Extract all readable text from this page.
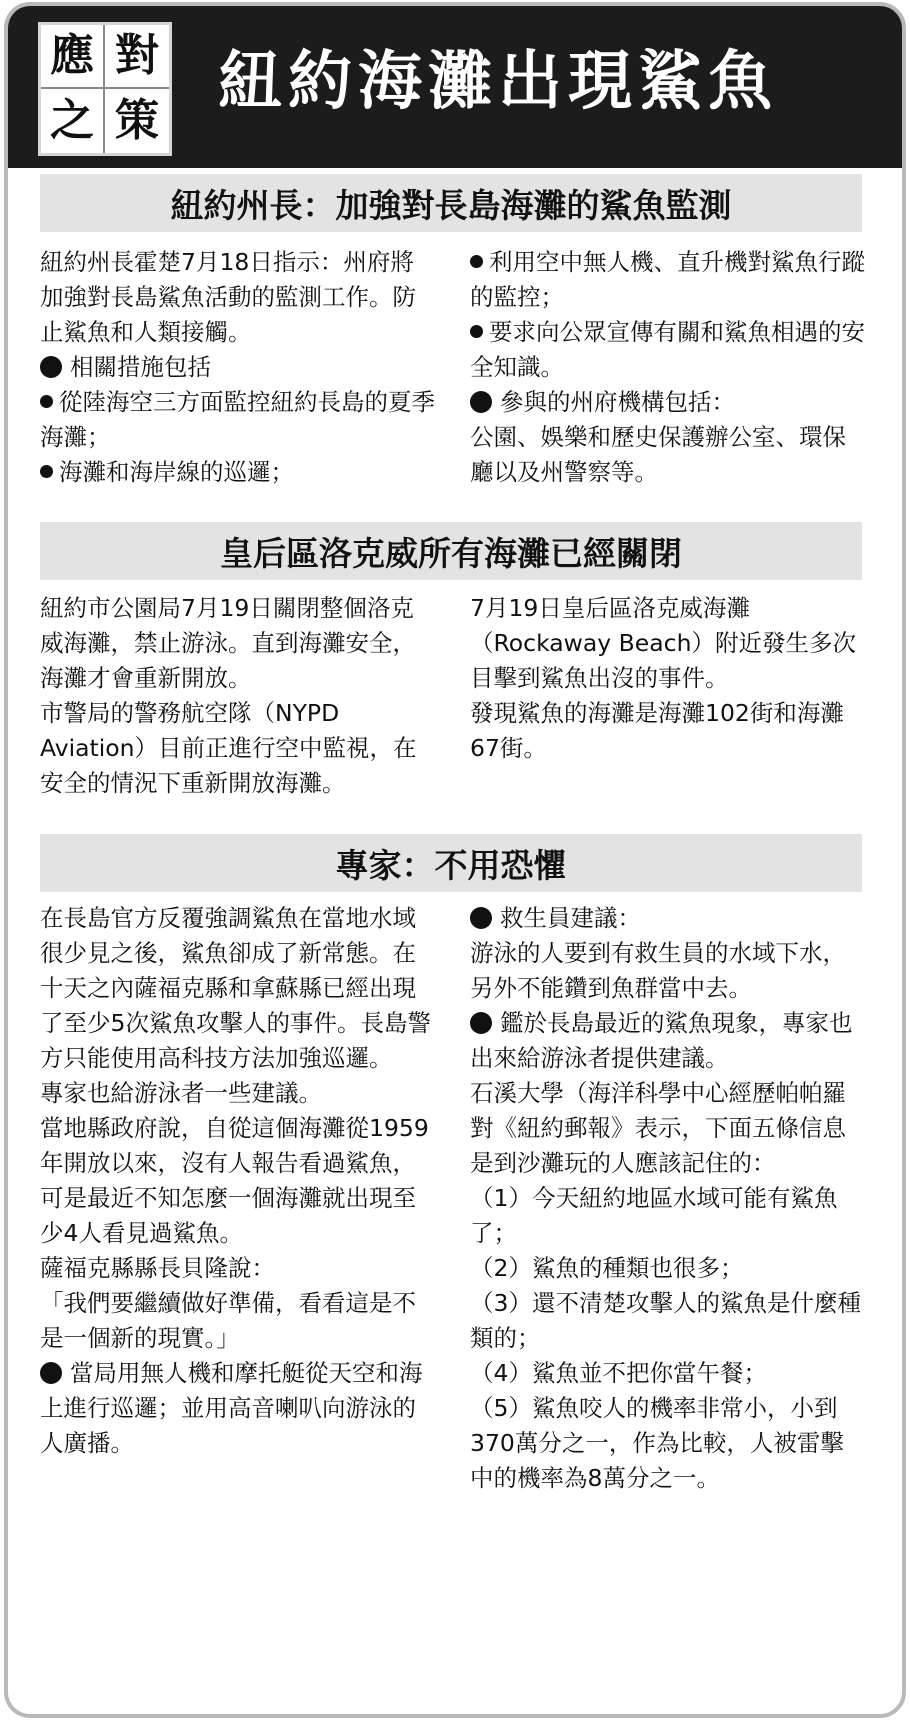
應 對
之 策
紐約海灘出現鯊魚
紐約州長：加強對長島海灘的鯊魚監測

紐約州長霍楚7月18日指示：州府將加強對長島鯊魚活動的監測工作。防止鯊魚和人類接觸。

相關措施包括

從陸海空三方面監控紐約長島的夏季海灘；

海灘和海岸線的巡邏；

利用空中無人機、直升機對鯊魚行蹤的監控；

要求向公眾宣傳有關和鯊魚相遇的安全知識。

參與的州府機構包括：

公園、娛樂和歷史保護辦公室、環保廳以及州警察等。

皇后區洛克威所有海灘已經關閉

紐約市公園局7月19日關閉整個洛克威海灘，禁止游泳。直到海灘安全，海灘才會重新開放。

市警局的警務航空隊（NYPD Aviation）目前正進行空中監視，在安全的情況下重新開放海灘。

7月19日皇后區洛克威海灘（Rockaway Beach）附近發生多次目擊到鯊魚出沒的事件。

發現鯊魚的海灘是海灘102街和海灘67街。

專家：不用恐懼

在長島官方反覆強調鯊魚在當地水域很少見之後，鯊魚卻成了新常態。在十天之內薩福克縣和拿蘇縣已經出現了至少5次鯊魚攻擊人的事件。長島警方只能使用高科技方法加強巡邏。

專家也給游泳者一些建議。

當地縣政府說，自從這個海灘從1959年開放以來，沒有人報告看過鯊魚，可是最近不知怎麼一個海灘就出現至少4人看見過鯊魚。

薩福克縣縣長貝隆說：

「我們要繼續做好準備，看看這是不是一個新的現實。」

當局用無人機和摩托艇從天空和海上進行巡邏；並用高音喇叭向游泳的人廣播。

救生員建議：

游泳的人要到有救生員的水域下水，另外不能鑽到魚群當中去。

鑑於長島最近的鯊魚現象，專家也出來給游泳者提供建議。

石溪大學（海洋科學中心經歷帕帕羅對《紐約郵報》表示，下面五條信息是到沙灘玩的人應該記住的：

（1）今天紐約地區水域可能有鯊魚了；

（2）鯊魚的種類也很多；

（3）還不清楚攻擊人的鯊魚是什麼種類的；

（4）鯊魚並不把你當午餐；

（5）鯊魚咬人的機率非常小，小到370萬分之一，作為比較，人被雷擊中的機率為8萬分之一。
